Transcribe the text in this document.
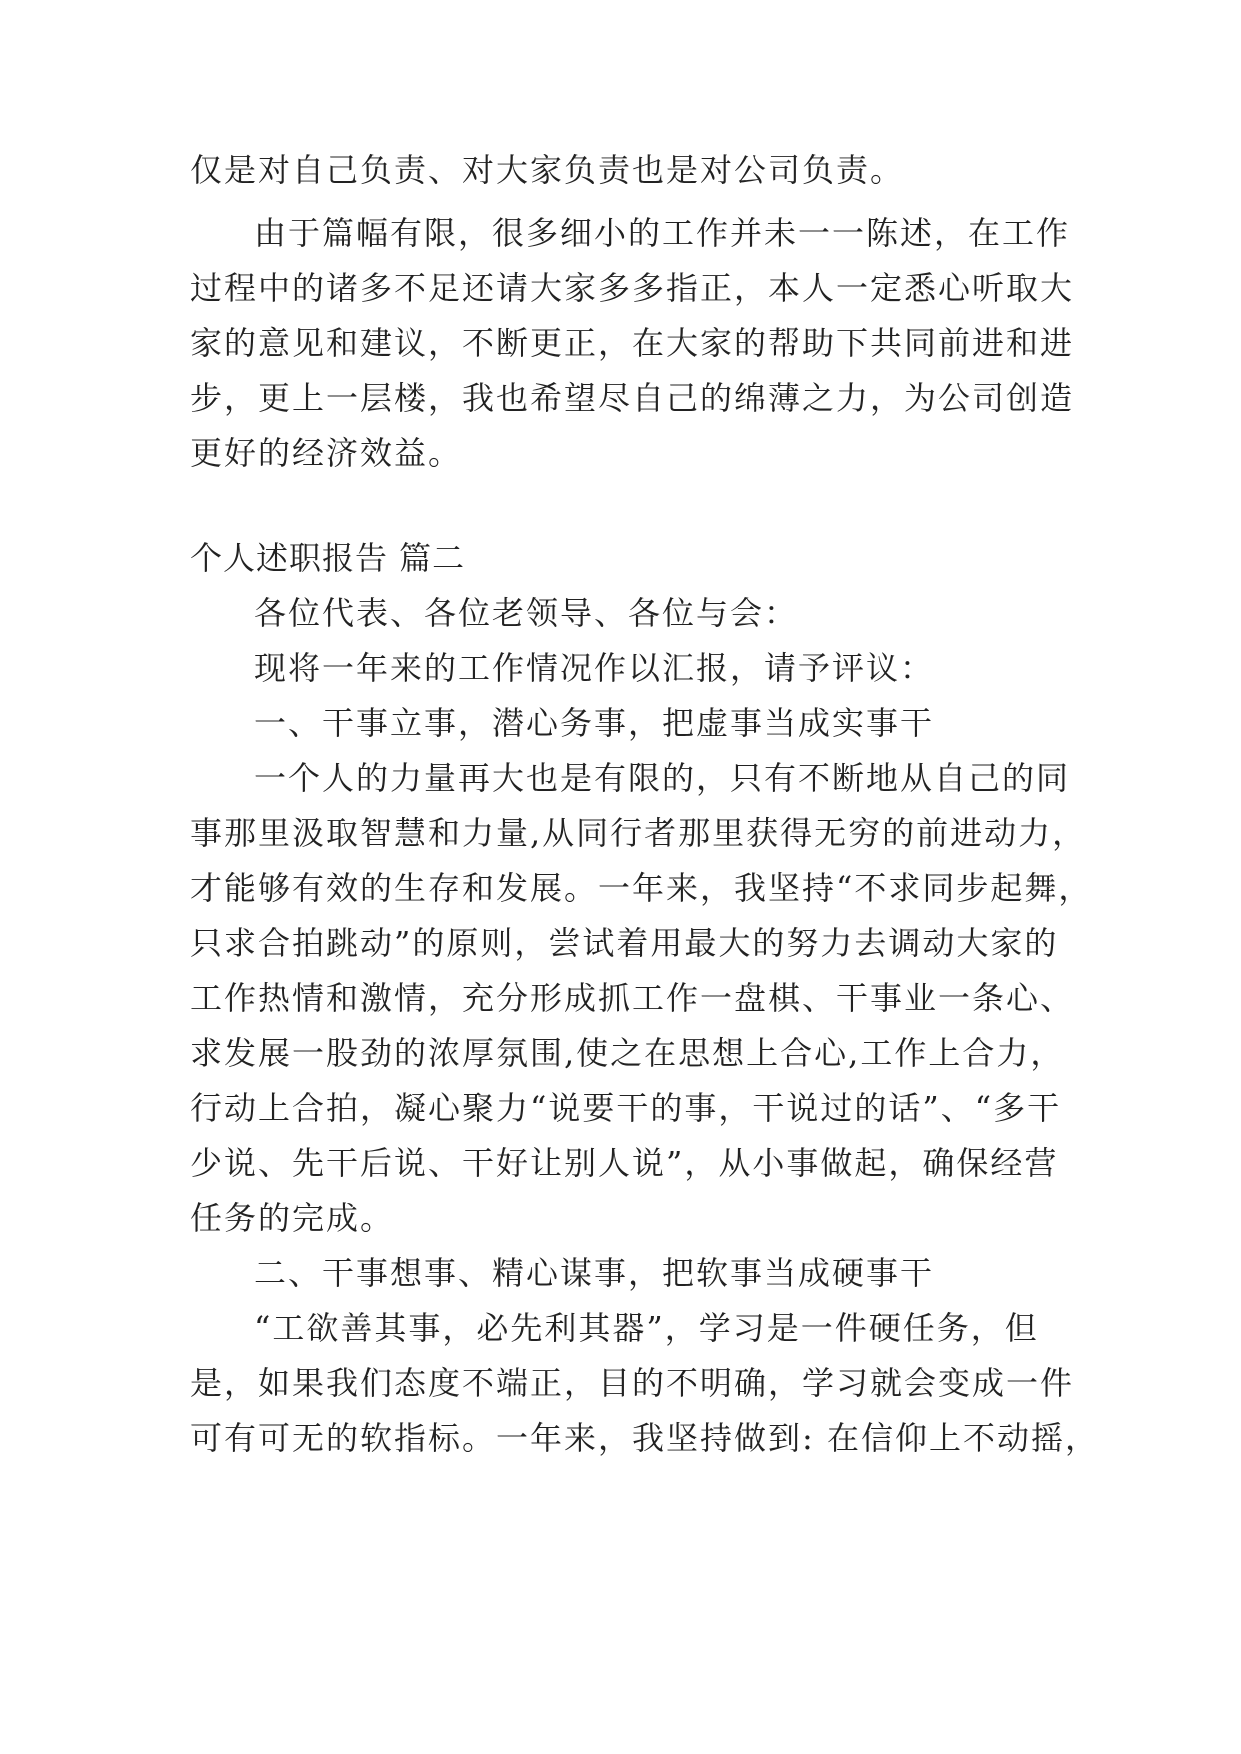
仅是对自己负责、对大家负责也是对公司负责。
由于篇幅有限，很多细小的工作并未一一陈述，在工作
过程中的诸多不足还请大家多多指正，本人一定悉心听取大
家的意见和建议，不断更正，在大家的帮助下共同前进和进
步，更上一层楼，我也希望尽自己的绵薄之力，为公司创造
更好的经济效益。
个人述职报告 篇二
各位代表、各位老领导、各位与会：
现将一年来的工作情况作以汇报，请予评议：
一、干事立事，潜心务事，把虚事当成实事干
一个人的力量再大也是有限的，只有不断地从自己的同
事那里汲取智慧和力量,从同行者那里获得无穷的前进动力，
才能够有效的生存和发展。一年来，我坚持“不求同步起舞，
只求合拍跳动”的原则，尝试着用最大的努力去调动大家的
工作热情和激情，充分形成抓工作一盘棋、干事业一条心、
求发展一股劲的浓厚氛围,使之在思想上合心,工作上合力，
行动上合拍，凝心聚力“说要干的事，干说过的话”、“多干
少说、先干后说、干好让别人说”，从小事做起，确保经营
任务的完成。
二、干事想事、精心谋事，把软事当成硬事干
“工欲善其事，必先利其器”，学习是一件硬任务，但
是，如果我们态度不端正，目的不明确，学习就会变成一件
可有可无的软指标。一年来，我坚持做到: 在信仰上不动摇，
